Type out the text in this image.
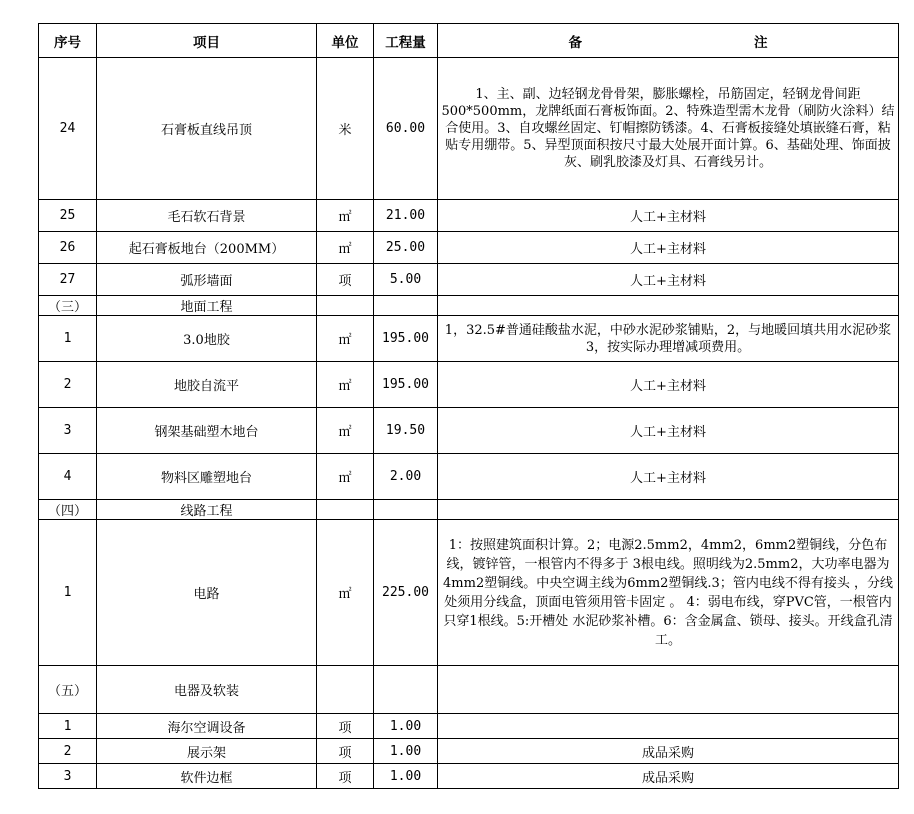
序号	项目	单位	工程量	备 注
24	石膏板直线吊顶	米	60.00	1、主、副、边轻钢龙骨骨架，膨胀螺栓，吊筋固定，轻钢龙骨间距500*500mm，龙牌纸面石膏板饰面。2、特殊造型需木龙骨（刷防火涂料）结合使用。3、自攻螺丝固定、钉帽擦防锈漆。4、石膏板接缝处填嵌缝石膏，粘贴专用绷带。5、异型顶面积按尺寸最大处展开面计算。6、基础处理、饰面披灰、刷乳胶漆及灯具、石膏线另计。
25	毛石软石背景	㎡	21.00	人工+主材料
26	起石膏板地台（200MM）	㎡	25.00	人工+主材料
27	弧形墙面	项	5.00	人工+主材料
（三）	地面工程			
1	3.0地胶	㎡	195.00	1，32.5#普通硅酸盐水泥，中砂水泥砂浆铺贴，2，与地暖回填共用水泥砂浆3，按实际办理增减项费用。
2	地胶自流平	㎡	195.00	人工+主材料
3	钢架基础塑木地台	㎡	19.50	人工+主材料
4	物料区雕塑地台	㎡	2.00	人工+主材料
（四）	线路工程			
1	电路	㎡	225.00	1：按照建筑面积计算。2；电源2.5mm2，4mm2，6mm2塑铜线，分色布 线，镀锌管，一根管内不得多于 3根电线。照明线为2.5mm2，大功率电器为 4mm2塑铜线。中央空调主线为6mm2塑铜线.3；管内电线不得有接头 ，分线处须用分线盒，顶面电管须用管卡固定 。 4：弱电布线，穿PVC管，一根管内只穿1根线。5:开槽处 水泥砂浆补槽。6：含金属盒、锁母、接头。开线盒孔清工。
（五）	电器及软装			
1	海尔空调设备	项	1.00	
2	展示架	项	1.00	成品采购
3	软件边框	项	1.00	成品采购
